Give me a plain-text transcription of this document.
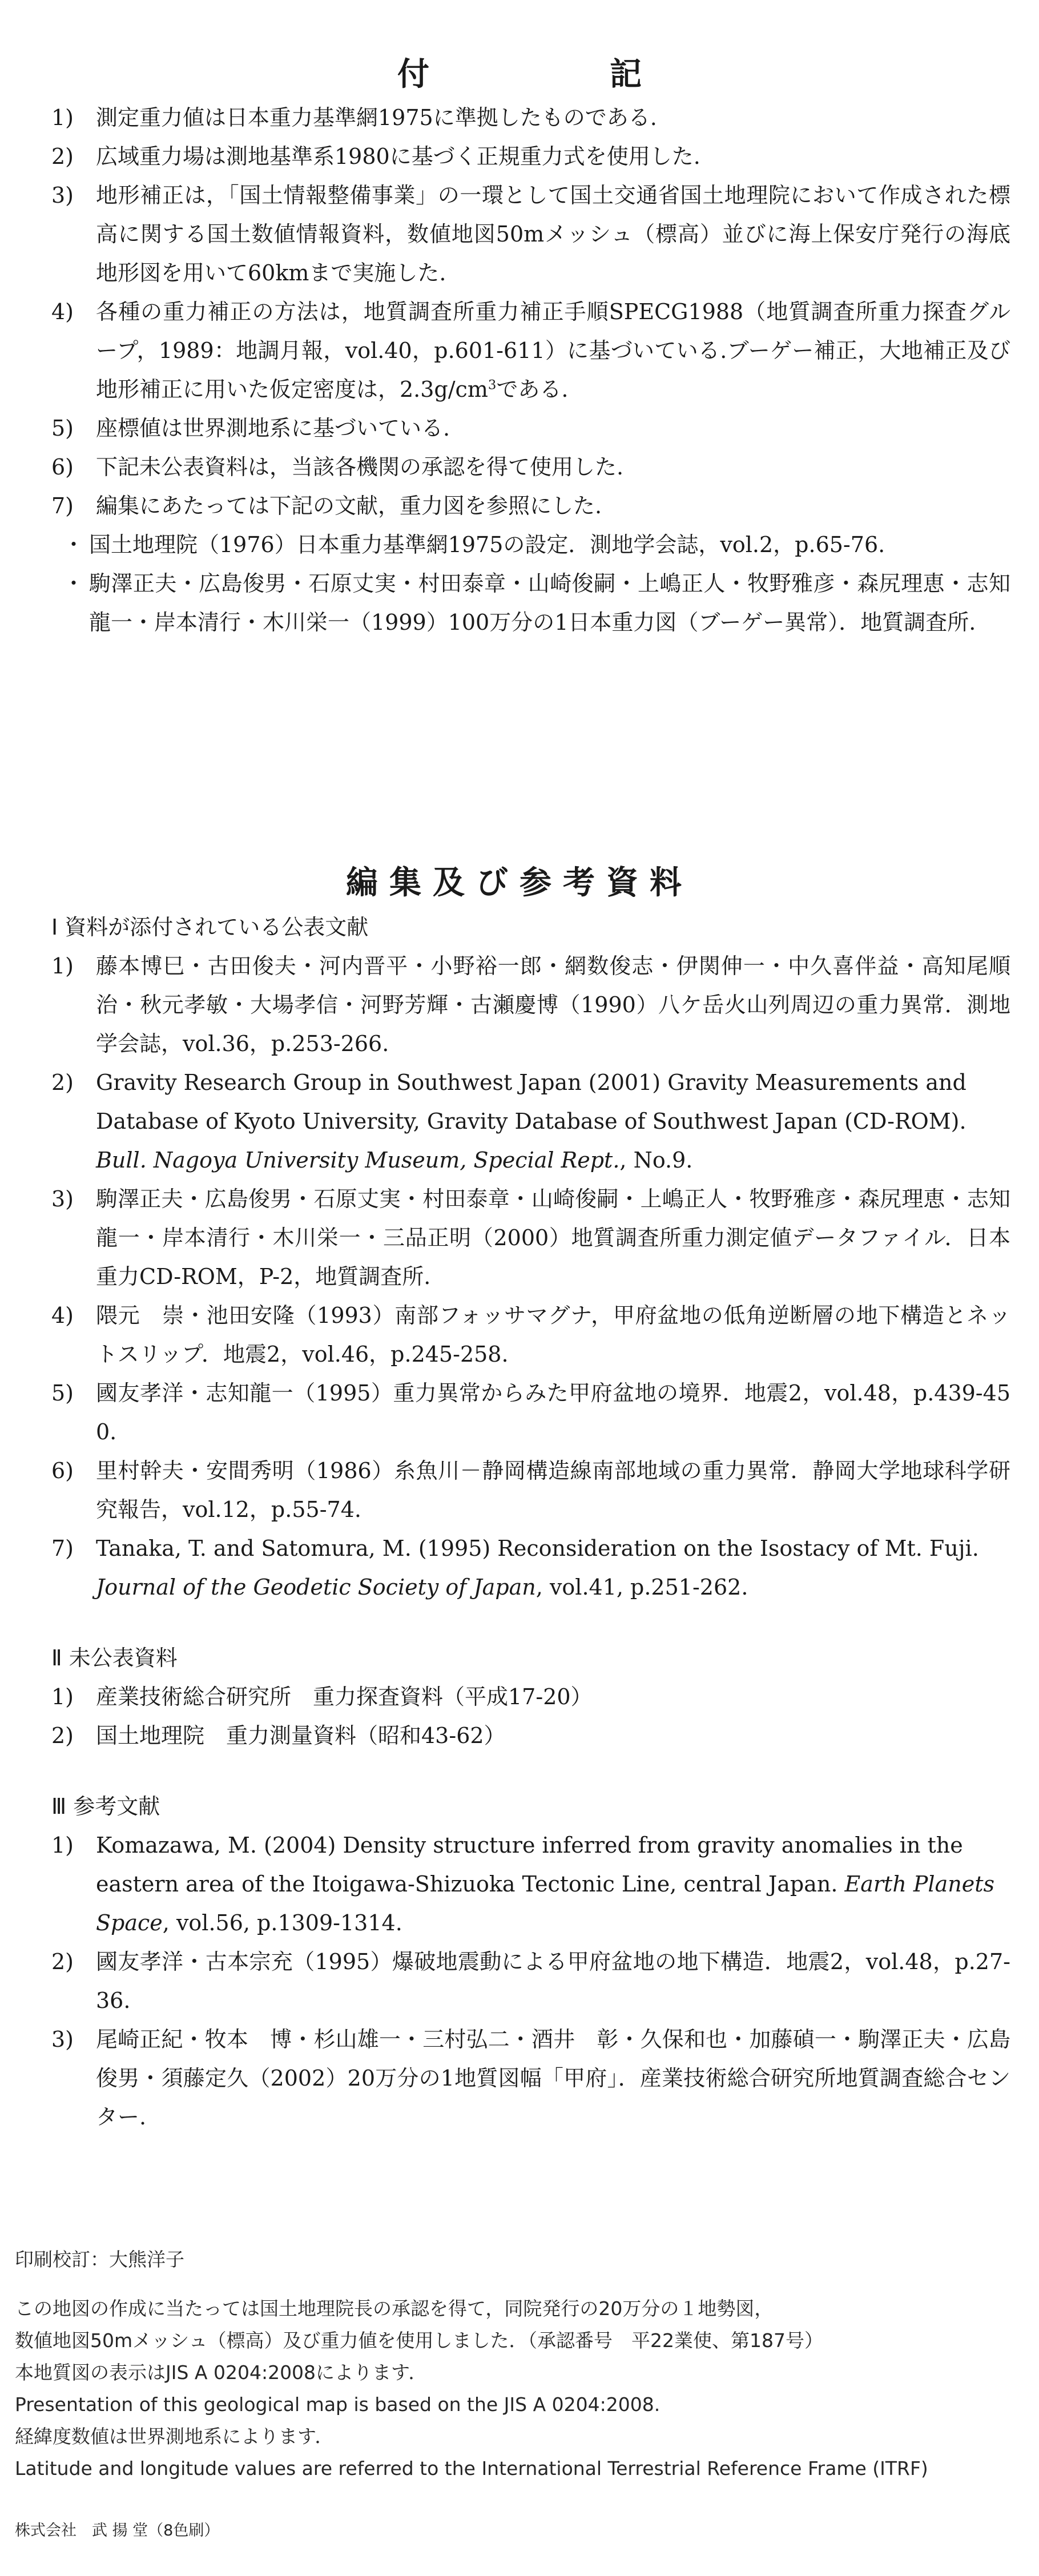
付　記
1)	測定重力値は日本重力基準網1975に準拠したものである.
2)	広域重力場は測地基準系1980に基づく正規重力式を使用した.
3)	地形補正は，「国土情報整備事業」の一環として国土交通省国土地理院において作成された標高に関する国土数値情報資料，数値地図50mメッシュ（標高）並びに海上保安庁発行の海底地形図を用いて60kmまで実施した.
4)	各種の重力補正の方法は，地質調査所重力補正手順SPECG1988（地質調査所重力探査グループ，1989：地調月報，vol.40，p.601-611）に基づいている.ブーゲー補正，大地補正及び地形補正に用いた仮定密度は，$2.3g/cm^3$である.
5)	座標値は世界測地系に基づいている.
6)	下記未公表資料は，当該各機関の承認を得て使用した.
7)	編集にあたっては下記の文献，重力図を参照にした.
・ 国土地理院（1976）日本重力基準網1975の設定．測地学会誌，vol.2，p.65-76.
・ 駒澤正夫・広島俊男・石原丈実・村田泰章・山崎俊嗣・上嶋正人・牧野雅彦・森尻理恵・志知龍一・岸本清行・木川栄一（1999）100万分の1日本重力図（ブーゲー異常）．地質調査所.
編集及び参考資料
Ⅰ 資料が添付されている公表文献
1)	藤本博巳・古田俊夫・河内晋平・小野裕一郎・網数俊志・伊関伸一・中久喜伴益・高知尾順治・秋元孝敏・大場孝信・河野芳輝・古瀬慶博（1990）八ケ岳火山列周辺の重力異常．測地学会誌，vol.36，p.253-266.
2)	Gravity Research Group in Southwest Japan (2001) Gravity Measurements and Database of Kyoto University, Gravity Database of Southwest Japan (CD-ROM). Bull. Nagoya University Museum, Special Rept., No.9.
3)	駒澤正夫・広島俊男・石原丈実・村田泰章・山崎俊嗣・上嶋正人・牧野雅彦・森尻理恵・志知龍一・岸本清行・木川栄一・三品正明（2000）地質調査所重力測定値データファイル．日本重力CD-ROM，P-2，地質調査所.
4)	隈元　崇・池田安隆（1993）南部フォッサマグナ，甲府盆地の低角逆断層の地下構造とネットスリップ．地震2，vol.46，p.245-258.
5)	國友孝洋・志知龍一（1995）重力異常からみた甲府盆地の境界．地震2，vol.48，p.439-450.
6)	里村幹夫・安間秀明（1986）糸魚川－静岡構造線南部地域の重力異常．静岡大学地球科学研究報告，vol.12，p.55-74.
7)	Tanaka, T. and Satomura, M. (1995) Reconsideration on the Isostacy of Mt. Fuji. Journal of the Geodetic Society of Japan, vol.41, p.251-262.
Ⅱ 未公表資料
1)	産業技術総合研究所　重力探査資料（平成17-20）
2)	国土地理院　重力測量資料（昭和43-62）
Ⅲ 参考文献
1)	Komazawa, M. (2004) Density structure inferred from gravity anomalies in the eastern area of the Itoigawa-Shizuoka Tectonic Line, central Japan. Earth Planets Space, vol.56, p.1309-1314.
2)	國友孝洋・古本宗充（1995）爆破地震動による甲府盆地の地下構造．地震2，vol.48，p.27-36.
3)	尾崎正紀・牧本　博・杉山雄一・三村弘二・酒井　彰・久保和也・加藤碵一・駒澤正夫・広島俊男・須藤定久（2002）20万分の1地質図幅「甲府」．産業技術総合研究所地質調査総合センター.
印刷校訂：大熊洋子
この地図の作成に当たっては国土地理院長の承認を得て，同院発行の20万分の１地勢図，
数値地図50mメッシュ（標高）及び重力値を使用しました．（承認番号　平22業使、第187号）
本地質図の表示はJIS A 0204:2008によります．
Presentation of this geological map is based on the JIS A 0204:2008.
経緯度数値は世界測地系によります．
Latitude and longitude values are referred to the International Terrestrial Reference Frame (ITRF)
株式会社　武 揚 堂（8色刷）
